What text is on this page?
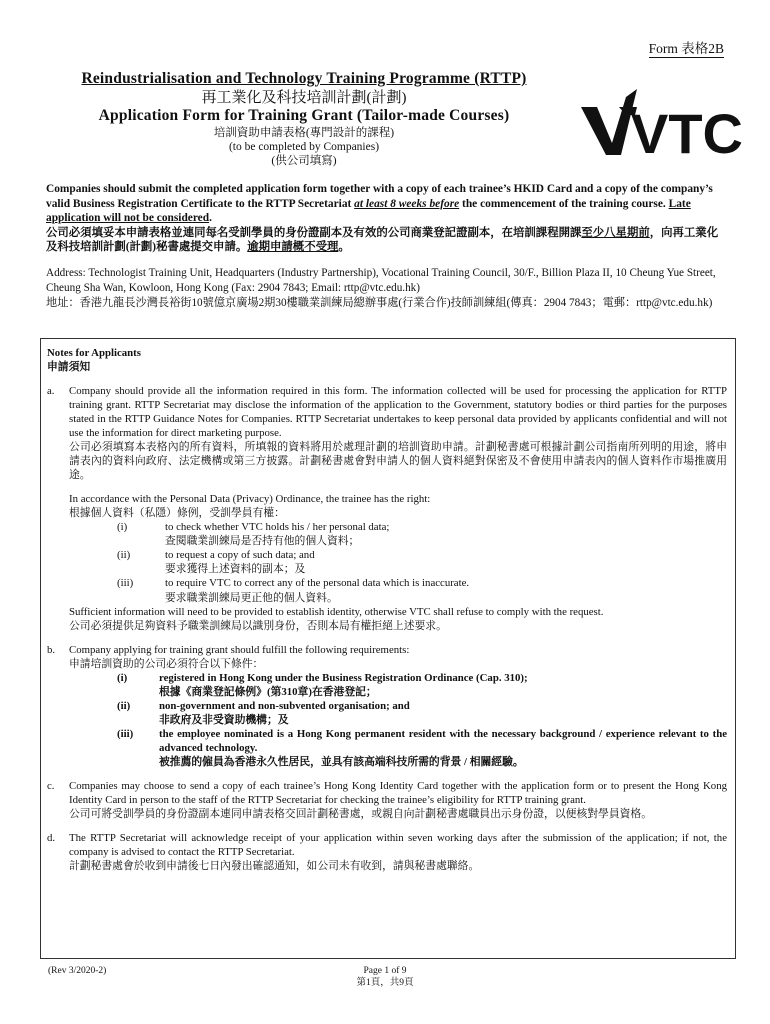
Form 表格2B
Reindustrialisation and Technology Training Programme (RTTP)
再工業化及科技培訓計劃(計劃)
Application Form for Training Grant (Tailor-made Courses)
培訓資助申請表格(專門設計的課程)
(to be completed by Companies)
(供公司填寫)	VTC
Companies should submit the completed application form together with a copy of each trainee’s HKID Card and a copy of the company’s valid Business Registration Certificate to the RTTP Secretariat at least 8 weeks before the commencement of the training course. Late application will not be considered.
公司必須填妥本申請表格並連同每名受訓學員的身份證副本及有效的公司商業登記證副本，在培訓課程開課至少八星期前，向再工業化及科技培訓計劃(計劃)秘書處提交申請。逾期申請概不受理。
Address: Technologist Training Unit, Headquarters (Industry Partnership), Vocational Training Council, 30/F., Billion Plaza II, 10 Cheung Yue Street, Cheung Sha Wan, Kowloon, Hong Kong (Fax: 2904 7843; Email: rttp@vtc.edu.hk)
地址：香港九龍長沙灣長裕街10號億京廣場2期30樓職業訓練局總辦事處(行業合作)技師訓練組(傳真：2904 7843；電郵：rttp@vtc.edu.hk)
Notes for Applicants
申請須知
a.	Company should provide all the information required in this form. The information collected will be used for processing the application for RTTP training grant. RTTP Secretariat may disclose the information of the application to the Government, statutory bodies or third parties for the purposes stated in the RTTP Guidance Notes for Companies. RTTP Secretariat undertakes to keep personal data provided by applicants confidential and will not use the information for direct marketing purpose.
公司必須填寫本表格內的所有資料，所填報的資料將用於處理計劃的培訓資助申請。計劃秘書處可根據計劃公司指南所列明的用途，將申請表內的資料向政府、法定機構或第三方披露。計劃秘書處會對申請人的個人資料絕對保密及不會使用申請表內的個人資料作市場推廣用途。
In accordance with the Personal Data (Privacy) Ordinance, the trainee has the right:
根據個人資料（私隱）條例，受訓學員有權：
(i)	to check whether VTC holds his / her personal data;
查閱職業訓練局是否持有他的個人資料；
(ii)	to request a copy of such data; and
要求獲得上述資料的副本；及
(iii)	to require VTC to correct any of the personal data which is inaccurate.
要求職業訓練局更正他的個人資料。
Sufficient information will need to be provided to establish identity, otherwise VTC shall refuse to comply with the request.
公司必須提供足夠資料予職業訓練局以識別身份，否則本局有權拒絕上述要求。
b.	Company applying for training grant should fulfill the following requirements:
申請培訓資助的公司必須符合以下條件：
(i)	registered in Hong Kong under the Business Registration Ordinance (Cap. 310);
根據《商業登記條例》(第310章)在香港登記；
(ii)	non-government and non-subvented organisation; and
非政府及非受資助機構；及
(iii)	the employee nominated is a Hong Kong permanent resident with the necessary background / experience relevant to the advanced technology.
被推薦的僱員為香港永久性居民，並具有該高端科技所需的背景 / 相關經驗。
c.	Companies may choose to send a copy of each trainee’s Hong Kong Identity Card together with the application form or to present the Hong Kong Identity Card in person to the staff of the RTTP Secretariat for checking the trainee’s eligibility for RTTP training grant.
公司可將受訓學員的身份證副本連同申請表格交回計劃秘書處，或親自向計劃秘書處職員出示身份證，以便核對學員資格。
d.	The RTTP Secretariat will acknowledge receipt of your application within seven working days after the submission of the application; if not, the company is advised to contact the RTTP Secretariat.
計劃秘書處會於收到申請後七日內發出確認通知，如公司未有收到，請與秘書處聯絡。
(Rev 3/2020-2)	Page 1 of 9
第1頁，共9頁
